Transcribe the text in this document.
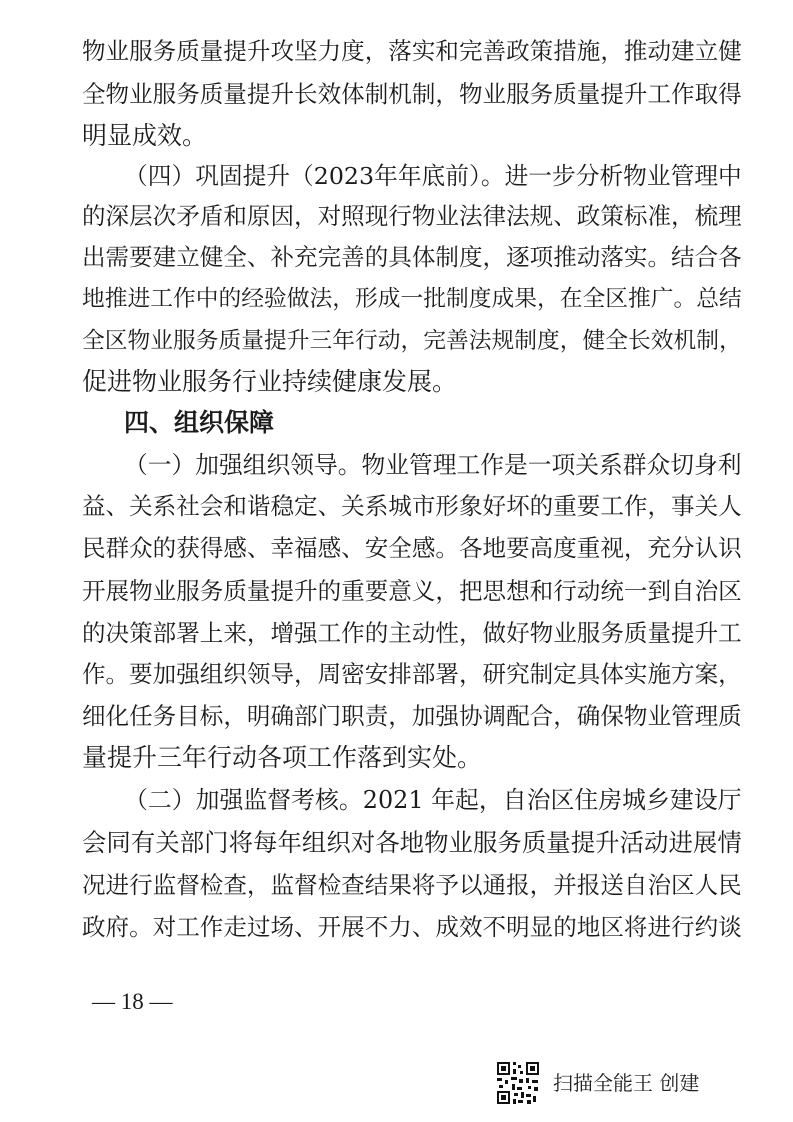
物业服务质量提升攻坚力度，落实和完善政策措施，推动建立健
全物业服务质量提升长效体制机制，物业服务质量提升工作取得
明显成效。
（四）巩固提升（2023年年底前）。进一步分析物业管理中
的深层次矛盾和原因，对照现行物业法律法规、政策标准，梳理
出需要建立健全、补充完善的具体制度，逐项推动落实。结合各
地推进工作中的经验做法，形成一批制度成果，在全区推广。总结
全区物业服务质量提升三年行动，完善法规制度，健全长效机制，
促进物业服务行业持续健康发展。
四、组织保障
（一）加强组织领导。物业管理工作是一项关系群众切身利
益、关系社会和谐稳定、关系城市形象好坏的重要工作，事关人
民群众的获得感、幸福感、安全感。各地要高度重视，充分认识
开展物业服务质量提升的重要意义，把思想和行动统一到自治区
的决策部署上来，增强工作的主动性，做好物业服务质量提升工
作。要加强组织领导，周密安排部署，研究制定具体实施方案，
细化任务目标，明确部门职责，加强协调配合，确保物业管理质
量提升三年行动各项工作落到实处。
（二）加强监督考核。2021 年起，自治区住房城乡建设厅
会同有关部门将每年组织对各地物业服务质量提升活动进展情
况进行监督检查，监督检查结果将予以通报，并报送自治区人民
政府。对工作走过场、开展不力、成效不明显的地区将进行约谈
— 18 —
扫描全能王 创建
